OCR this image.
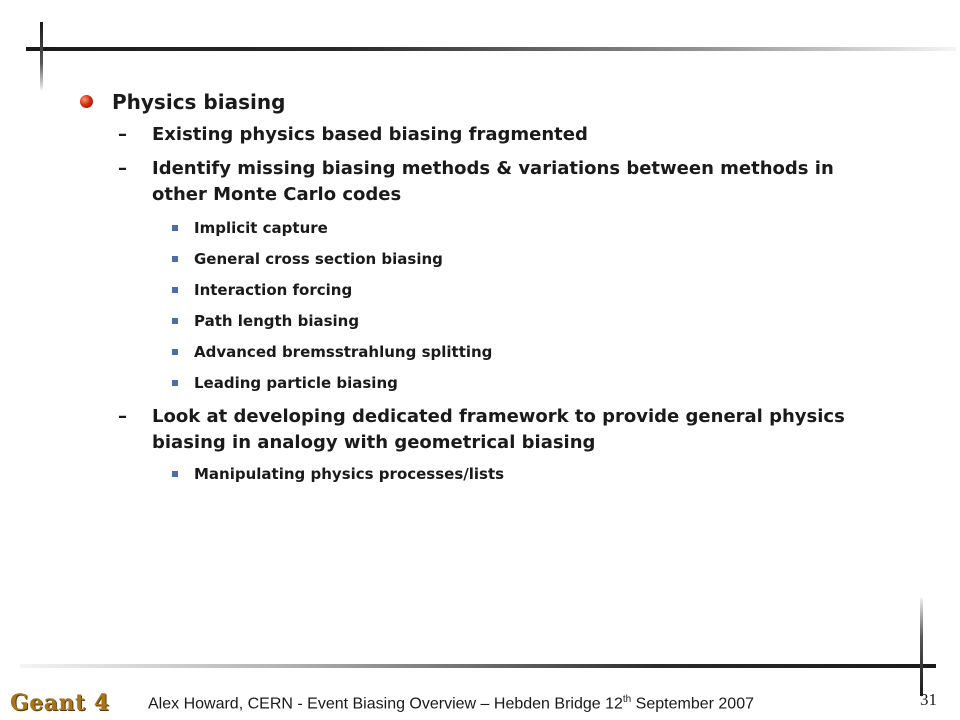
Physics biasing
– Existing physics based biasing fragmented
– Identify missing biasing methods & variations between methods in other Monte Carlo codes
Implicit capture
General cross section biasing
Interaction forcing
Path length biasing
Advanced bremsstrahlung splitting
Leading particle biasing
– Look at developing dedicated framework to provide general physics biasing in analogy with geometrical biasing
Manipulating physics processes/lists
Geant 4 Alex Howard, CERN - Event Biasing Overview – Hebden Bridge 12th September 2007	31
